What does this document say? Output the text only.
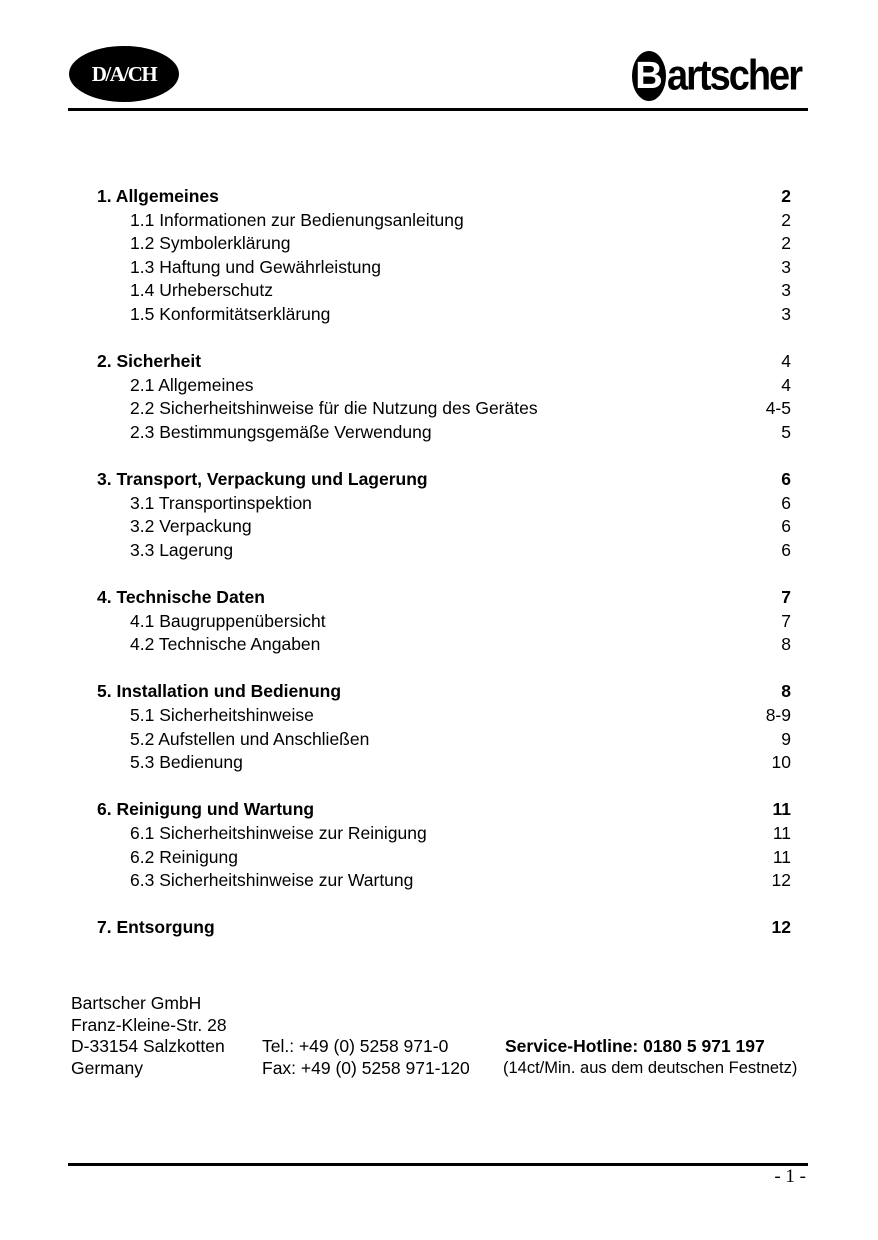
D/A/CH	B artscher
1. Allgemeines	2
1.1 Informationen zur Bedienungsanleitung	2
1.2 Symbolerklärung	2
1.3 Haftung und Gewährleistung	3
1.4 Urheberschutz	3
1.5 Konformitätserklärung	3
2. Sicherheit	4
2.1 Allgemeines	4
2.2 Sicherheitshinweise für die Nutzung des Gerätes	4-5
2.3 Bestimmungsgemäße Verwendung	5
3. Transport, Verpackung und Lagerung	6
3.1 Transportinspektion	6
3.2 Verpackung	6
3.3 Lagerung	6
4. Technische Daten	7
4.1 Baugruppenübersicht	7
4.2 Technische Angaben	8
5. Installation und Bedienung	8
5.1 Sicherheitshinweise	8-9
5.2 Aufstellen und Anschließen	9
5.3 Bedienung	10
6. Reinigung und Wartung	11
6.1 Sicherheitshinweise zur Reinigung	11
6.2 Reinigung	11
6.3 Sicherheitshinweise zur Wartung	12
7. Entsorgung	12
Bartscher GmbH
Franz-Kleine-Str. 28
D-33154 Salzkotten
Germany
Tel.: +49 (0) 5258 971-0
Fax: +49 (0) 5258 971-120
Service-Hotline: 0180 5 971 197
(14ct/Min. aus dem deutschen Festnetz)
- 1 -
